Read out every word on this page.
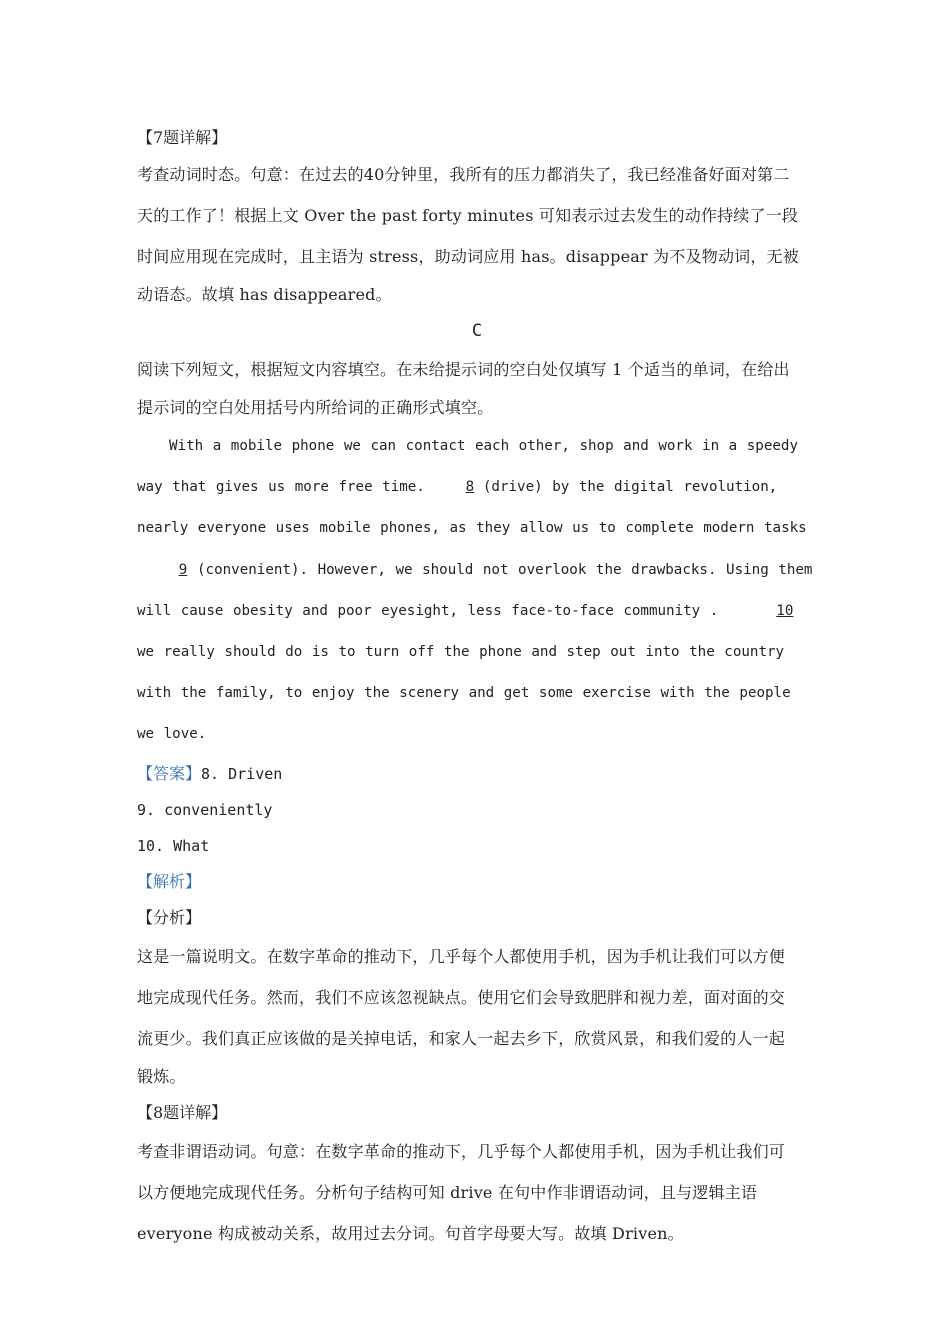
【7题详解】

考查动词时态。句意：在过去的40分钟里，我所有的压力都消失了，我已经准备好面对第二

天的工作了！根据上文 Over the past forty minutes 可知表示过去发生的动作持续了一段

时间应用现在完成时，且主语为 stress，助动词应用 has。disappear 为不及物动词，无被

动语态。故填 has disappeared。

C

阅读下列短文，根据短文内容填空。在未给提示词的空白处仅填写 1 个适当的单词，在给出

提示词的空白处用括号内所给词的正确形式填空。

With a mobile phone we can contact each other, shop and work in a speedy way that gives us more free time.	8 (drive) by the digital revolution, nearly everyone uses mobile phones, as they allow us to complete modern tasks 9 (convenient). However, we should not overlook the drawbacks. Using them will cause obesity and poor eyesight, less face-to-face community .	10we really should do is to turn off the phone and step out into the country with the family, to enjoy the scenery and get some exercise with the people we love.

【答案】8. Driven

9. conveniently

10. What

【解析】

【分析】

这是一篇说明文。在数字革命的推动下，几乎每个人都使用手机，因为手机让我们可以方便

地完成现代任务。然而，我们不应该忽视缺点。使用它们会导致肥胖和视力差，面对面的交

流更少。我们真正应该做的是关掉电话，和家人一起去乡下，欣赏风景，和我们爱的人一起

锻炼。

【8题详解】

考查非谓语动词。句意：在数字革命的推动下，几乎每个人都使用手机，因为手机让我们可

以方便地完成现代任务。分析句子结构可知 drive 在句中作非谓语动词，且与逻辑主语

everyone 构成被动关系，故用过去分词。句首字母要大写。故填 Driven。
